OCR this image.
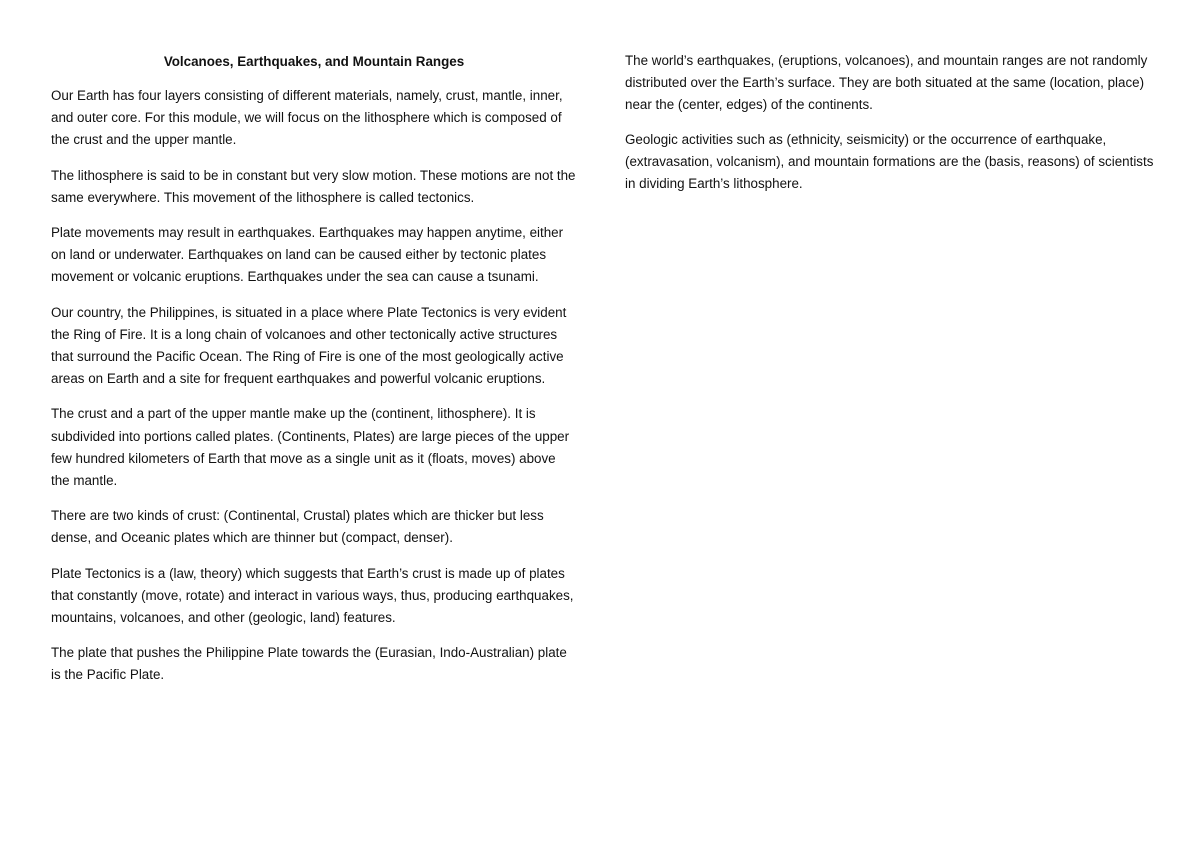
Volcanoes, Earthquakes, and Mountain Ranges

Our Earth has four layers consisting of different materials, namely, crust, mantle, inner, and outer core. For this module, we will focus on the lithosphere which is composed of the crust and the upper mantle.

The lithosphere is said to be in constant but very slow motion. These motions are not the same everywhere. This movement of the lithosphere is called tectonics.

Plate movements may result in earthquakes. Earthquakes may happen anytime, either on land or underwater. Earthquakes on land can be caused either by tectonic plates movement or volcanic eruptions. Earthquakes under the sea can cause a tsunami.

Our country, the Philippines, is situated in a place where Plate Tectonics is very evident the Ring of Fire. It is a long chain of volcanoes and other tectonically active structures that surround the Pacific Ocean. The Ring of Fire is one of the most geologically active areas on Earth and a site for frequent earthquakes and powerful volcanic eruptions.

The crust and a part of the upper mantle make up the (continent, lithosphere). It is subdivided into portions called plates. (Continents, Plates) are large pieces of the upper few hundred kilometers of Earth that move as a single unit as it (floats, moves) above the mantle.

There are two kinds of crust: (Continental, Crustal) plates which are thicker but less dense, and Oceanic plates which are thinner but (compact, denser).

Plate Tectonics is a (law, theory) which suggests that Earth’s crust is made up of plates that constantly (move, rotate) and interact in various ways, thus, producing earthquakes, mountains, volcanoes, and other (geologic, land) features.

The plate that pushes the Philippine Plate towards the (Eurasian, Indo-Australian) plate is the Pacific Plate.

The world’s earthquakes, (eruptions, volcanoes), and mountain ranges are not randomly distributed over the Earth’s surface. They are both situated at the same (location, place) near the (center, edges) of the continents.

Geologic activities such as (ethnicity, seismicity) or the occurrence of earthquake, (extravasation, volcanism), and mountain formations are the (basis, reasons) of scientists in dividing Earth’s lithosphere.
